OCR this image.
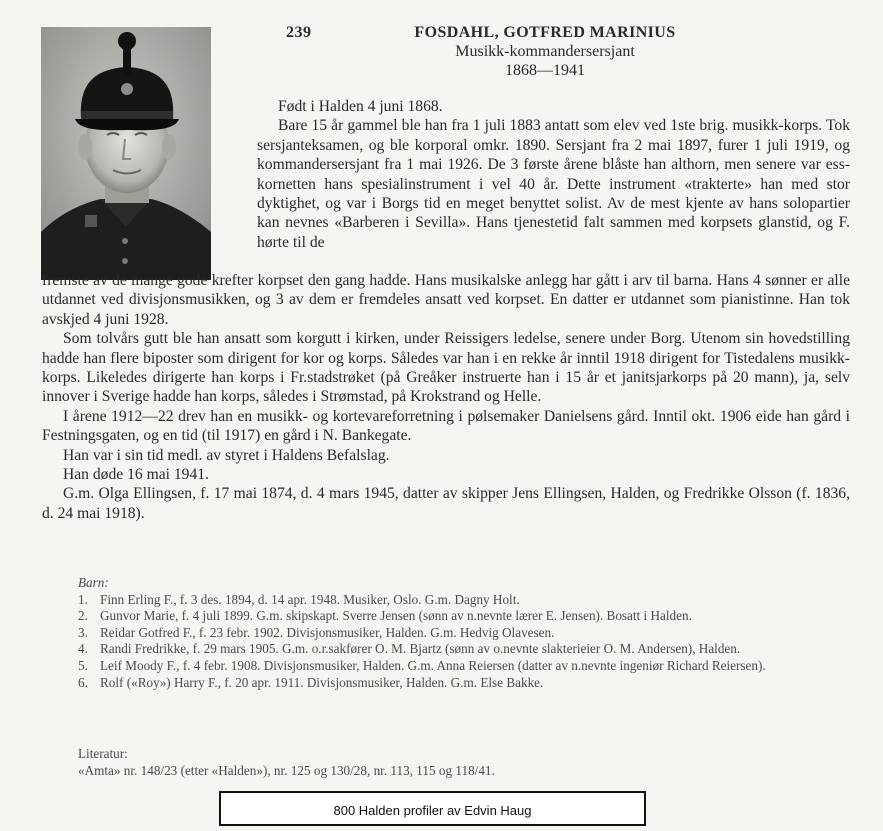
239	FOSDAHL, GOTFRED MARINIUS
Musikk-kommandersersjant
1868—1941

Født i Halden 4 juni 1868.

Bare 15 år gammel ble han fra 1 juli 1883 antatt som elev ved 1ste brig. musikk-korps. Tok sersjanteksamen, og ble korporal omkr. 1890. Sersjant fra 2 mai 1897, furer 1 juli 1919, og kommandersersjant fra 1 mai 1926. De 3 første årene blåste han althorn, men senere var ess-kornetten hans spesialinstrument i vel 40 år. Dette instrument «trakterte» han med stor dyktighet, og var i Borgs tid en meget benyttet solist. Av de mest kjente av hans solopartier kan nevnes «Barberen i Sevilla». Hans tjenestetid falt sammen med korpsets glanstid, og F. hørte til de

fremste av de mange gode krefter korpset den gang hadde. Hans musikalske anlegg har gått i arv til barna. Hans 4 sønner er alle utdannet ved divisjonsmusikken, og 3 av dem er fremdeles ansatt ved korpset. En datter er utdannet som pianistinne. Han tok avskjed 4 juni 1928.

Som tolvårs gutt ble han ansatt som korgutt i kirken, under Reissigers ledelse, senere under Borg. Utenom sin hovedstilling hadde han flere biposter som dirigent for kor og korps. Således var han i en rekke år inntil 1918 dirigent for Tistedalens musikk-korps. Likeledes dirigerte han korps i Fr.stadstrøket (på Greåker instruerte han i 15 år et janitsjarkorps på 20 mann), ja, selv innover i Sverige hadde han korps, således i Strømstad, på Krokstrand og Helle.

I årene 1912—22 drev han en musikk- og kortevareforretning i pølsemaker Danielsens gård. Inntil okt. 1906 eide han gård i Festningsgaten, og en tid (til 1917) en gård i N. Bankegate.

Han var i sin tid medl. av styret i Haldens Befalslag.

Han døde 16 mai 1941.

G.m. Olga Ellingsen, f. 17 mai 1874, d. 4 mars 1945, datter av skipper Jens Ellingsen, Halden, og Fredrikke Olsson (f. 1836, d. 24 mai 1918).

Barn:
1. Finn Erling F., f. 3 des. 1894, d. 14 apr. 1948. Musiker, Oslo. G.m. Dagny Holt.
2. Gunvor Marie, f. 4 juli 1899. G.m. skipskapt. Sverre Jensen (sønn av n.nevnte lærer E. Jensen). Bosatt i Halden.
3. Reidar Gotfred F., f. 23 febr. 1902. Divisjonsmusiker, Halden. G.m. Hedvig Olavesen.
4. Randi Fredrikke, f. 29 mars 1905. G.m. o.r.sakfører O. M. Bjartz (sønn av o.nevnte slakterieier O. M. Andersen), Halden.
5. Leif Moody F., f. 4 febr. 1908. Divisjonsmusiker, Halden. G.m. Anna Reiersen (datter av n.nevnte ingeniør Richard Reiersen).
6. Rolf («Roy») Harry F., f. 20 apr. 1911. Divisjonsmusiker, Halden. G.m. Else Bakke.
Literatur:
«Amta» nr. 148/23 (etter «Halden»), nr. 125 og 130/28, nr. 113, 115 og 118/41.
800 Halden profiler av Edvin Haug
